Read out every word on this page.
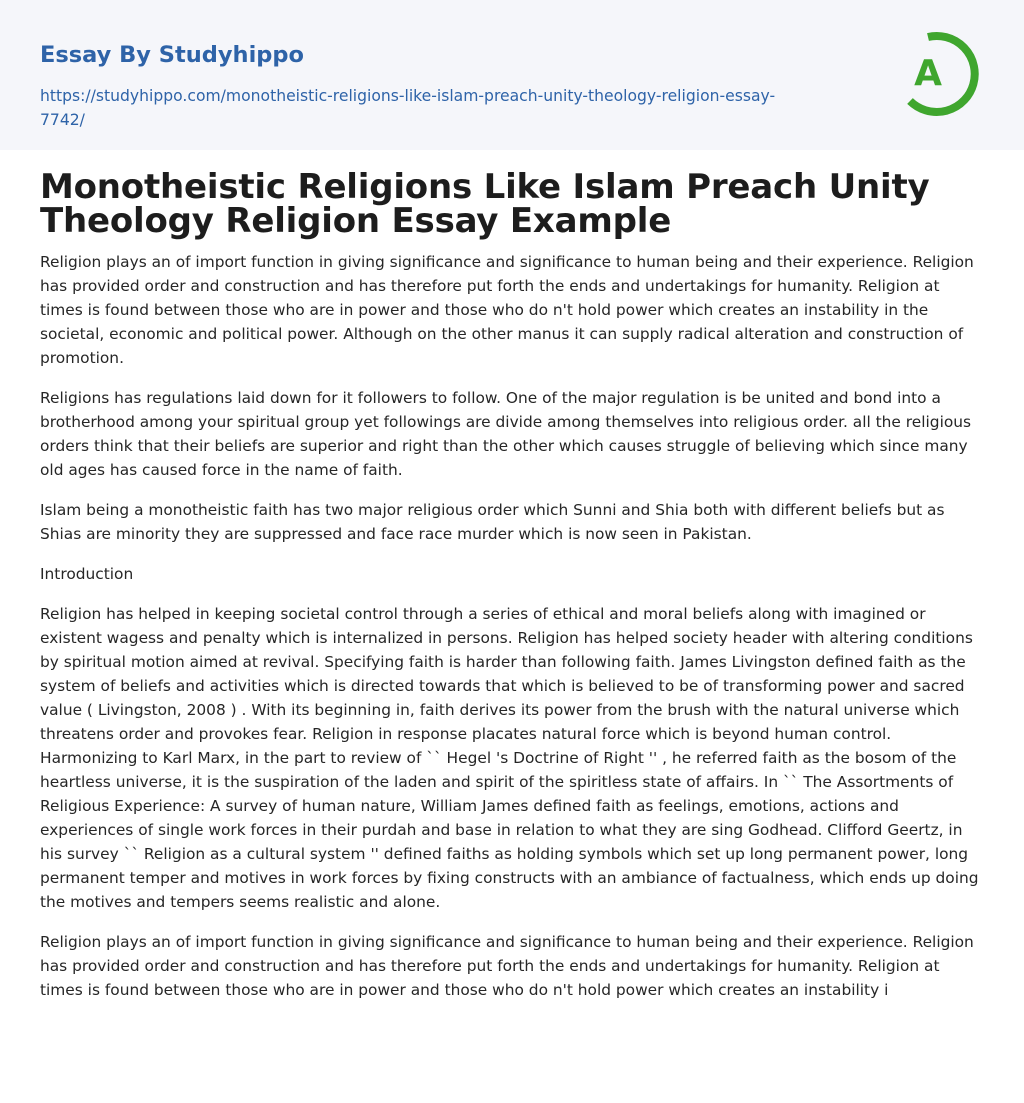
Essay By Studyhippo
https://studyhippo.com/monotheistic-religions-like-islam-preach-unity-theology-religion-essay-7742/
A
Monotheistic Religions Like Islam Preach Unity Theology Religion Essay Example

Religion plays an of import function in giving significance and significance to human being and their experience. Religion has provided order and construction and has therefore put forth the ends and undertakings for humanity. Religion at times is found between those who are in power and those who do n't hold power which creates an instability in the societal, economic and political power. Although on the other manus it can supply radical alteration and construction of promotion.

Religions has regulations laid down for it followers to follow. One of the major regulation is be united and bond into a brotherhood among your spiritual group yet followings are divide among themselves into religious order. all the religious orders think that their beliefs are superior and right than the other which causes struggle of believing which since many old ages has caused force in the name of faith.

Islam being a monotheistic faith has two major religious order which Sunni and Shia both with different beliefs but as Shias are minority they are suppressed and face race murder which is now seen in Pakistan.

Introduction

Religion has helped in keeping societal control through a series of ethical and moral beliefs along with imagined or existent wagess and penalty which is internalized in persons. Religion has helped society header with altering conditions by spiritual motion aimed at revival. Specifying faith is harder than following faith. James Livingston defined faith as the system of beliefs and activities which is directed towards that which is believed to be of transforming power and sacred value ( Livingston, 2008 ) . With its beginning in, faith derives its power from the brush with the natural universe which threatens order and provokes fear. Religion in response placates natural force which is beyond human control. Harmonizing to Karl Marx, in the part to review of `` Hegel 's Doctrine of Right '' , he referred faith as the bosom of the heartless universe, it is the suspiration of the laden and spirit of the spiritless state of affairs. In `` The Assortments of Religious Experience: A survey of human nature, William James defined faith as feelings, emotions, actions and experiences of single work forces in their purdah and base in relation to what they are sing Godhead. Clifford Geertz, in his survey `` Religion as a cultural system '' defined faiths as holding symbols which set up long permanent power, long permanent temper and motives in work forces by fixing constructs with an ambiance of factualness, which ends up doing the motives and tempers seems realistic and alone.

Religion plays an of import function in giving significance and significance to human being and their experience. Religion has provided order and construction and has therefore put forth the ends and undertakings for humanity. Religion at times is found between those who are in power and those who do n't hold power which creates an instability i
